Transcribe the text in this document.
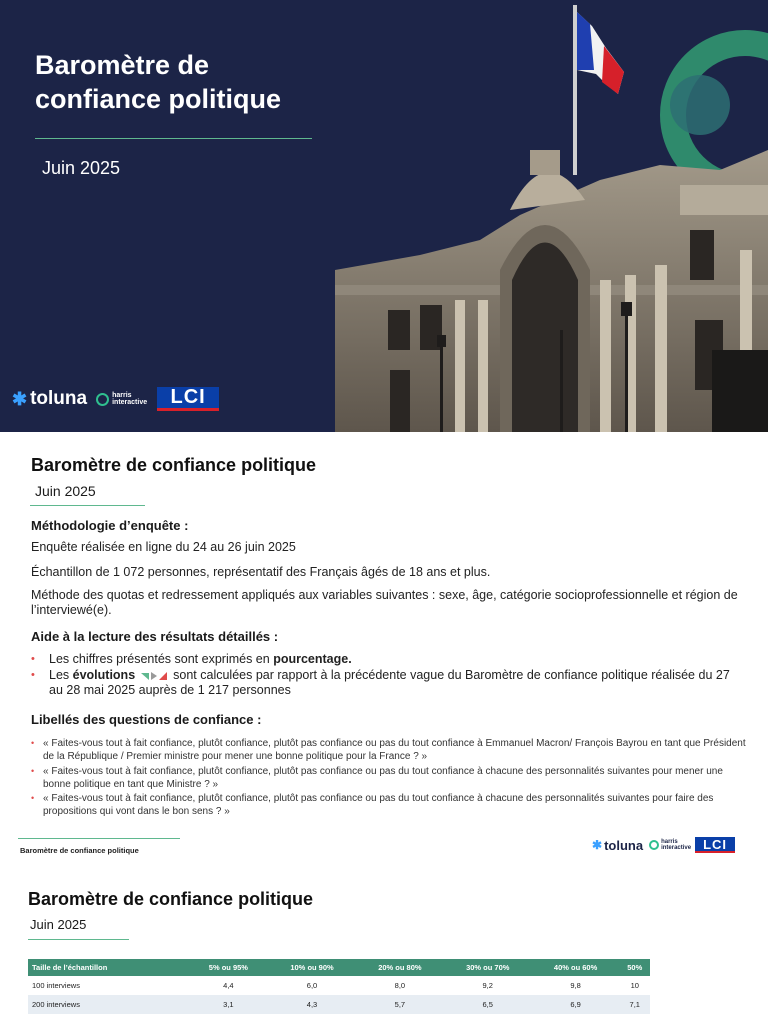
Baromètre de
confiance politique
Juin 2025
✱ toluna	harris
interactive	LCI
Baromètre de confiance politique
Juin 2025
Méthodologie d’enquête :
Enquête réalisée en ligne du 24 au 26 juin 2025
Échantillon de 1 072 personnes, représentatif des Français âgés de 18 ans et plus.
Méthode des quotas et redressement appliqués aux variables suivantes : sexe, âge, catégorie socioprofessionnelle et région de l’interviewé(e).
Aide à la lecture des résultats détaillés :
• Les chiffres présentés sont exprimés en pourcentage.
• Les évolutions	sont calculées par rapport à la précédente vague du Baromètre de confiance politique réalisée du 27 au 28 mai 2025 auprès de 1 217 personnes
Libellés des questions de confiance :
• « Faites-vous tout à fait confiance, plutôt confiance, plutôt pas confiance ou pas du tout confiance à Emmanuel Macron/ François Bayrou en tant que Président de la République / Premier ministre pour mener une bonne politique pour la France ? »
• « Faites-vous tout à fait confiance, plutôt confiance, plutôt pas confiance ou pas du tout confiance à chacune des personnalités suivantes pour mener une bonne politique en tant que Ministre ? »
• « Faites-vous tout à fait confiance, plutôt confiance, plutôt pas confiance ou pas du tout confiance à chacune des personnalités suivantes pour faire des propositions qui vont dans le bon sens ? »
Baromètre de confiance politique	✱ toluna	harris
interactive LCI
Baromètre de confiance politique
Juin 2025
Taille de l’échantillon	5% ou 95%	10% ou 90%	20% ou 80%	30% ou 70%	40% ou 60%	50%
100 interviews	4,4	6,0	8,0	9,2	9,8	10
200 interviews	3,1	4,3	5,7	6,5	6,9	7,1
